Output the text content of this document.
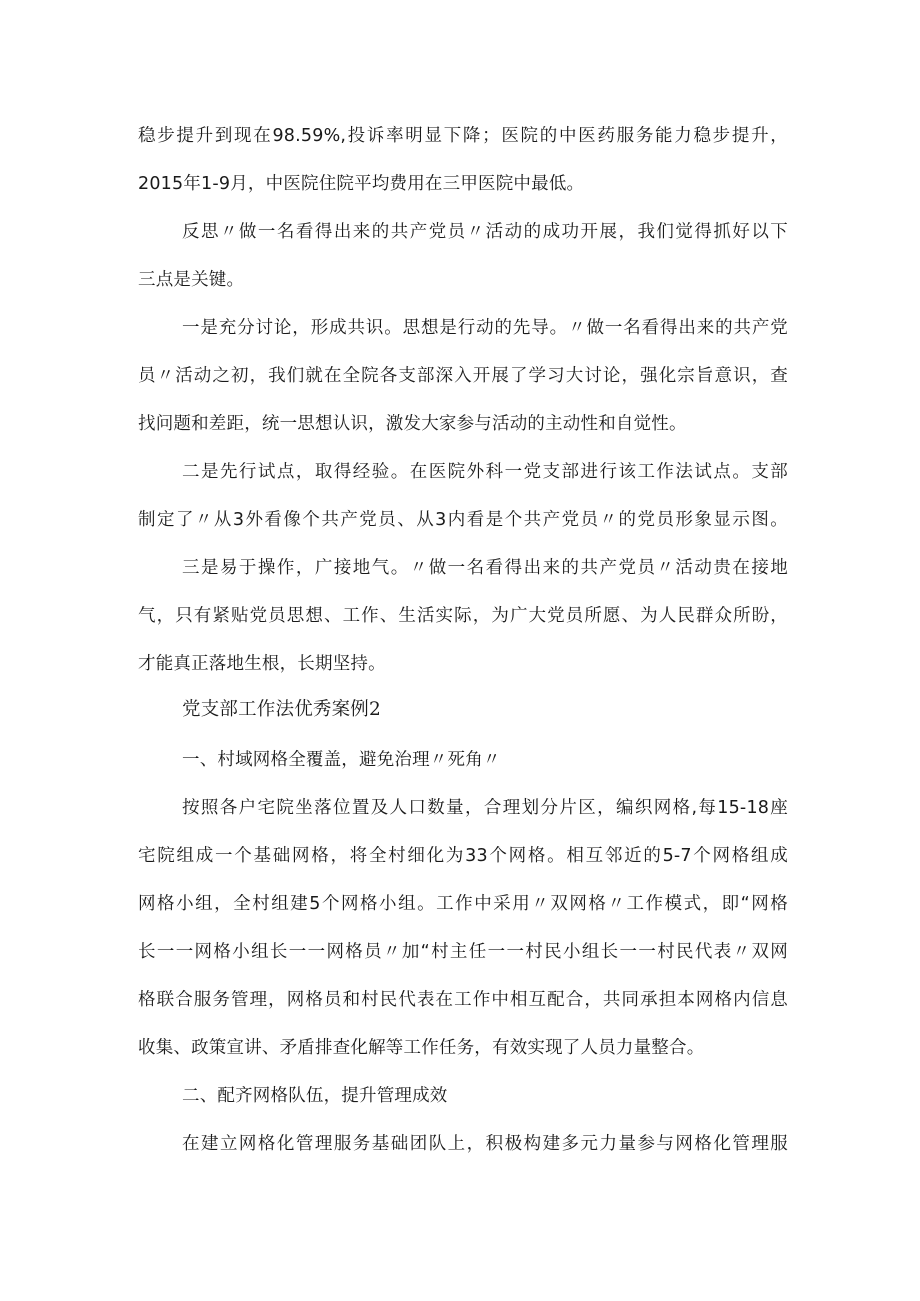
稳步提升到现在98.59%,投诉率明显下降；医院的中医药服务能力稳步提升，
2015年1-9月，中医院住院平均费用在三甲医院中最低。
反思〃做一名看得出来的共产党员〃活动的成功开展，我们觉得抓好以下
三点是关键。
一是充分讨论，形成共识。思想是行动的先导。〃做一名看得出来的共产党
员〃活动之初，我们就在全院各支部深入开展了学习大讨论，强化宗旨意识，查
找问题和差距，统一思想认识，激发大家参与活动的主动性和自觉性。
二是先行试点，取得经验。在医院外科一党支部进行该工作法试点。支部
制定了〃从3外看像个共产党员、从3内看是个共产党员〃的党员形象显示图。
三是易于操作，广接地气。〃做一名看得出来的共产党员〃活动贵在接地
气，只有紧贴党员思想、工作、生活实际，为广大党员所愿、为人民群众所盼，
才能真正落地生根，长期坚持。
党支部工作法优秀案例2
一、村域网格全覆盖，避免治理〃死角〃
按照各户宅院坐落位置及人口数量，合理划分片区，编织网格,每15-18座
宅院组成一个基础网格，将全村细化为33个网格。相互邻近的5-7个网格组成
网格小组，全村组建5个网格小组。工作中采用〃双网格〃工作模式，即“网格
长一一网格小组长一一网格员〃加“村主任一一村民小组长一一村民代表〃双网
格联合服务管理，网格员和村民代表在工作中相互配合，共同承担本网格内信息
收集、政策宣讲、矛盾排查化解等工作任务，有效实现了人员力量整合。
二、配齐网格队伍，提升管理成效
在建立网格化管理服务基础团队上，积极构建多元力量参与网格化管理服
